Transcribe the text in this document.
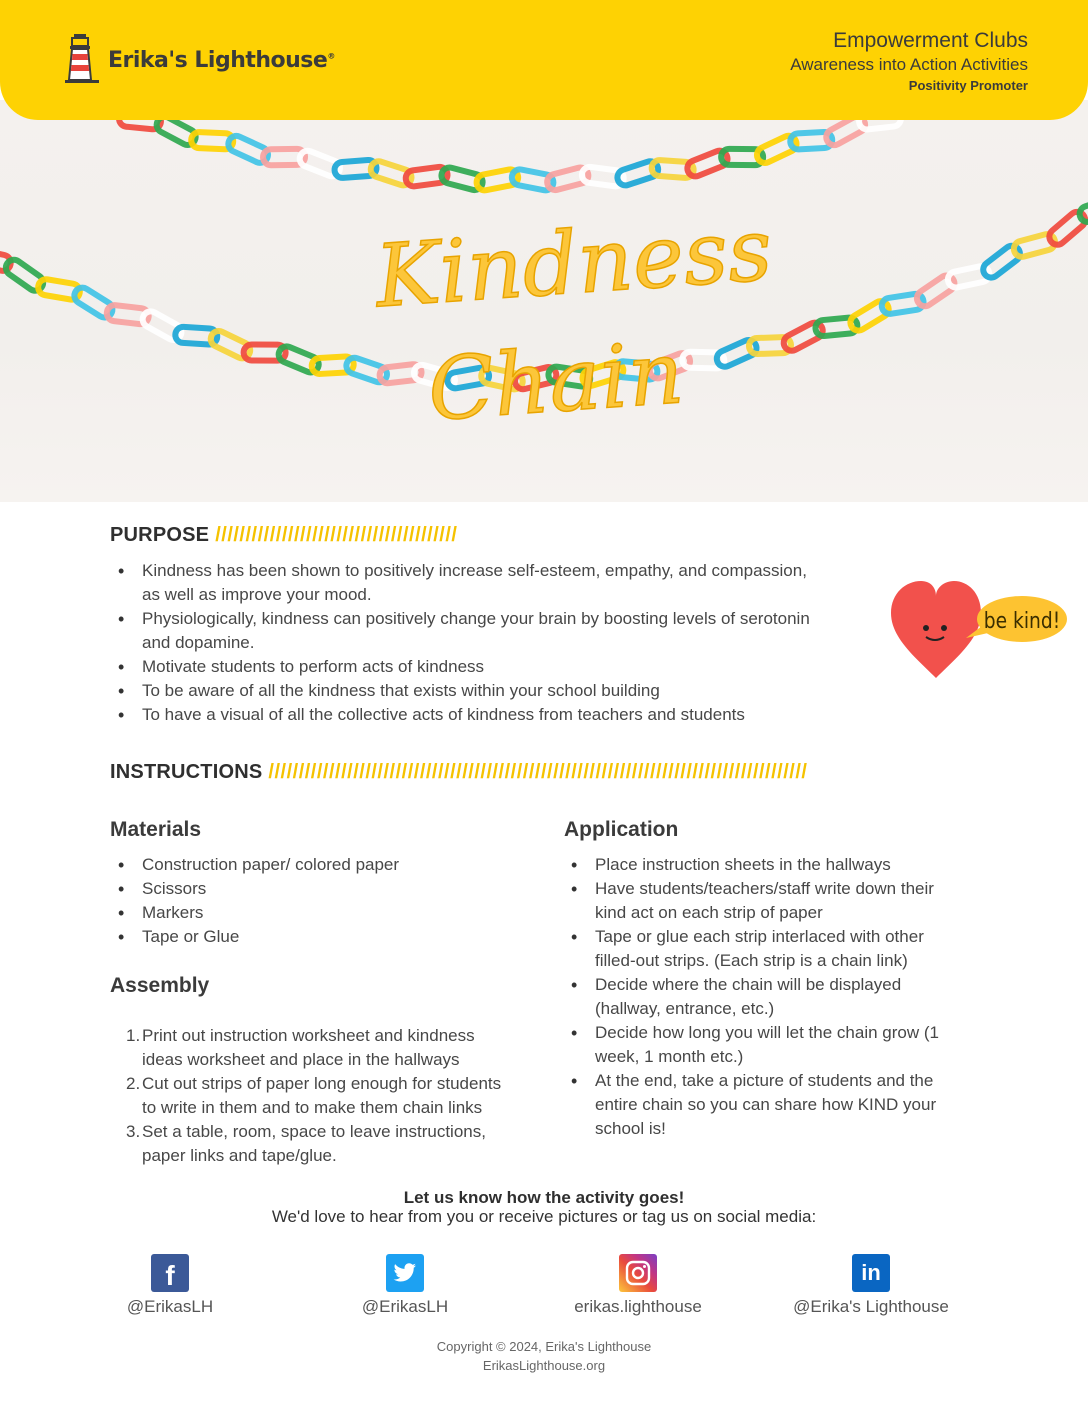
Kindness
Chain
Erika's Lighthouse®
Empowerment Clubs
Awareness into Action Activities
Positivity Promoter
PURPOSE ////////////////////////////////////////
• Kindness has been shown to positively increase self-esteem, empathy, and compassion,
as well as improve your mood.
• Physiologically, kindness can positively change your brain by boosting levels of serotonin
and dopamine.
• Motivate students to perform acts of kindness
• To be aware of all the kindness that exists within your school building
• To have a visual of all the collective acts of kindness from teachers and students
be kind!
INSTRUCTIONS /////////////////////////////////////////////////////////////////////////////////////////
Materials
• Construction paper/ colored paper
• Scissors
• Markers
• Tape or Glue
Assembly
1. Print out instruction worksheet and kindness
ideas worksheet and place in the hallways
2. Cut out strips of paper long enough for students
to write in them and to make them chain links
3. Set a table, room, space to leave instructions,
paper links and tape/glue.
Application
• Place instruction sheets in the hallways
• Have students/teachers/staff write down their
kind act on each strip of paper
• Tape or glue each strip interlaced with other
filled-out strips. (Each strip is a chain link)
• Decide where the chain will be displayed
(hallway, entrance, etc.)
• Decide how long you will let the chain grow (1
week, 1 month etc.)
• At the end, take a picture of students and the
entire chain so you can share how KIND your
school is!
Let us know how the activity goes!
We'd love to hear from you or receive pictures or tag us on social media:
f
@ErikasLH	@ErikasLH	erikas.lighthouse
in
@Erika's Lighthouse
Copyright © 2024, Erika's Lighthouse
ErikasLighthouse.org
